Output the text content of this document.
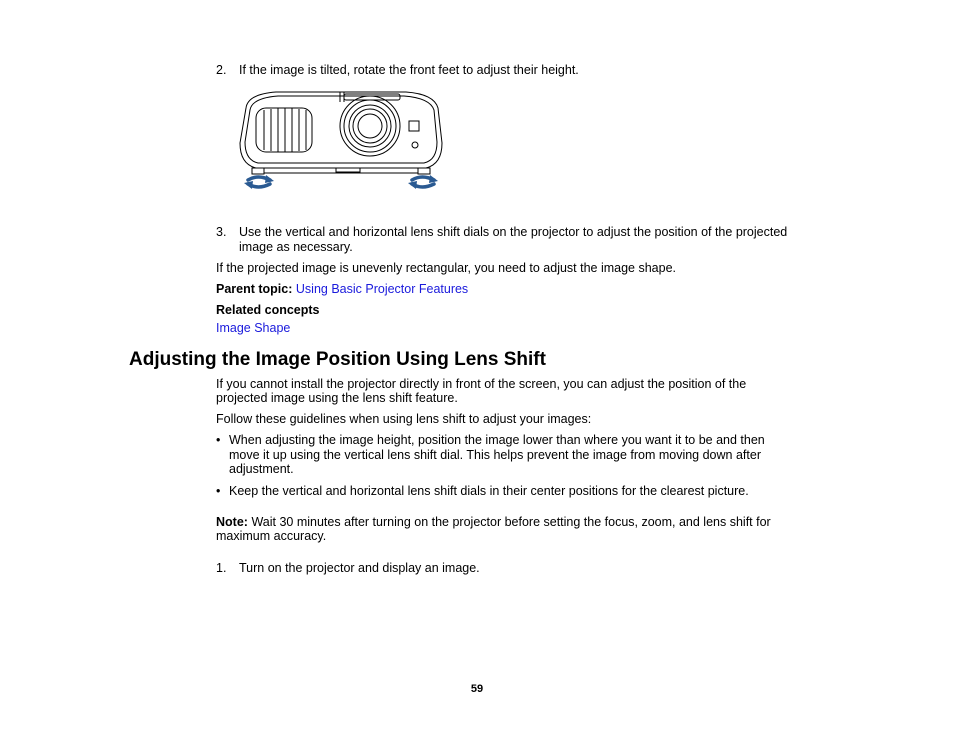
2. If the image is tilted, rotate the front feet to adjust their height.
3. Use the vertical and horizontal lens shift dials on the projector to adjust the position of the projected
image as necessary.
If the projected image is unevenly rectangular, you need to adjust the image shape.
Parent topic: Using Basic Projector Features
Related concepts
Image Shape
Adjusting the Image Position Using Lens Shift
If you cannot install the projector directly in front of the screen, you can adjust the position of the
projected image using the lens shift feature.
Follow these guidelines when using lens shift to adjust your images:
• When adjusting the image height, position the image lower than where you want it to be and then
move it up using the vertical lens shift dial. This helps prevent the image from moving down after
adjustment.
• Keep the vertical and horizontal lens shift dials in their center positions for the clearest picture.
Note: Wait 30 minutes after turning on the projector before setting the focus, zoom, and lens shift for
maximum accuracy.
1. Turn on the projector and display an image.
59
